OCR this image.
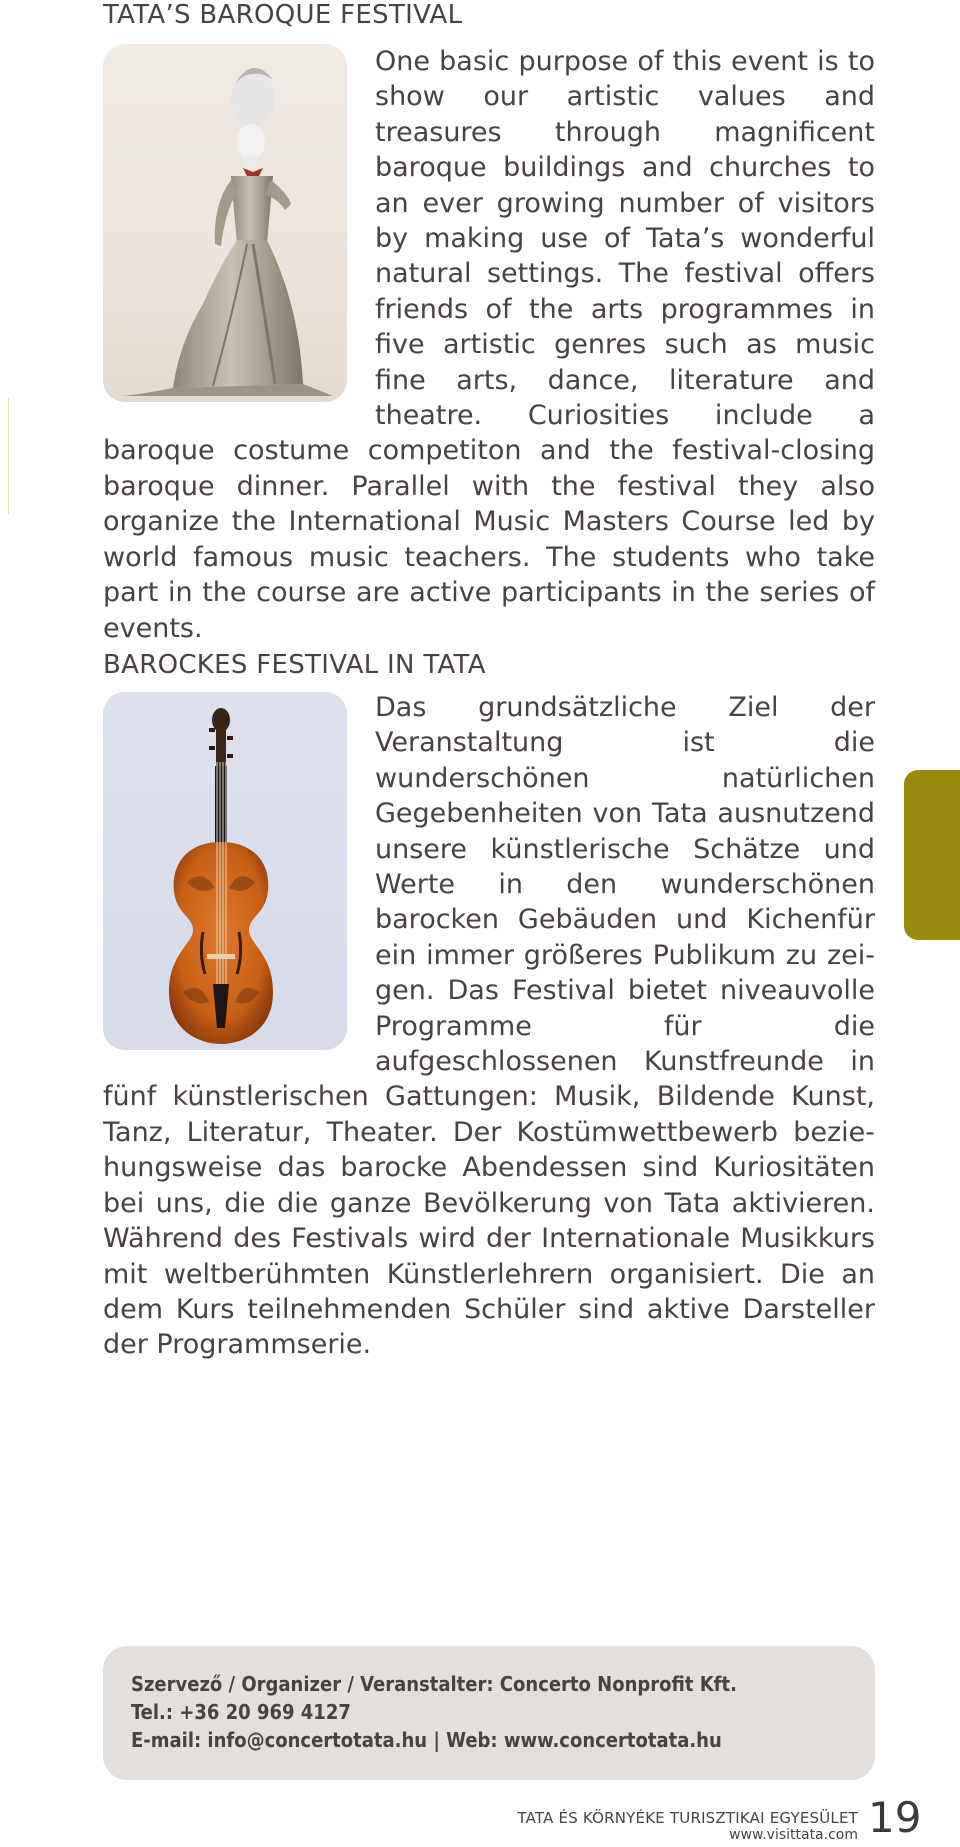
TATA’S BAROQUE FESTIVAL

One basic purpose of this event is to show our artistic values and treasures through magnificent baroque buildings and churches to an ever growing number of visitors by making use of Tata’s wonderful natural settings. The festival offers friends of the arts programmes in five artistic genres such as music fine arts, dance, literature and theatre. Curiosities include a baroque costume competiton and the festival-closing baroque dinner. Parallel with the festival they also organize the International Music Masters Course led by world famous music teachers. The students who take part in the course are active participants in the series of events.

BAROCKES FESTIVAL IN TATA

Das grundsätzliche Ziel der Veranstaltung ist die wunderschönen natürlichen Gegebenheiten von Tata ausnutzend unsere künstlerische Schätze und Werte in den wunderschönen barocken Gebäuden und Kichenfür ein immer größeres Publikum zu zeigen. Das Festival bietet niveauvolle Programme für die aufgeschlossenen Kunstfreunde in fünf künstlerischen Gattungen: Musik, Bildende Kunst, Tanz, Literatur, Theater. Der Kostümwettbewerb beziehungsweise das barocke Abendessen sind Kuriositäten bei uns, die die ganze Bevölkerung von Tata aktivieren. Während des Festivals wird der Internationale Musikkurs mit weltberühmten Künstlerlehrern organisiert. Die an dem Kurs teilnehmenden Schüler sind aktive Darsteller der Programmserie.

Szervező / Organizer / Veranstalter: Concerto Nonprofit Kft.
Tel.: +36 20 969 4127
E-mail: info@concertotata.hu | Web: www.concertotata.hu
TATA ÉS KÖRNYÉKE TURISZTIKAI EGYESÜLET
www.visittata.com 19
